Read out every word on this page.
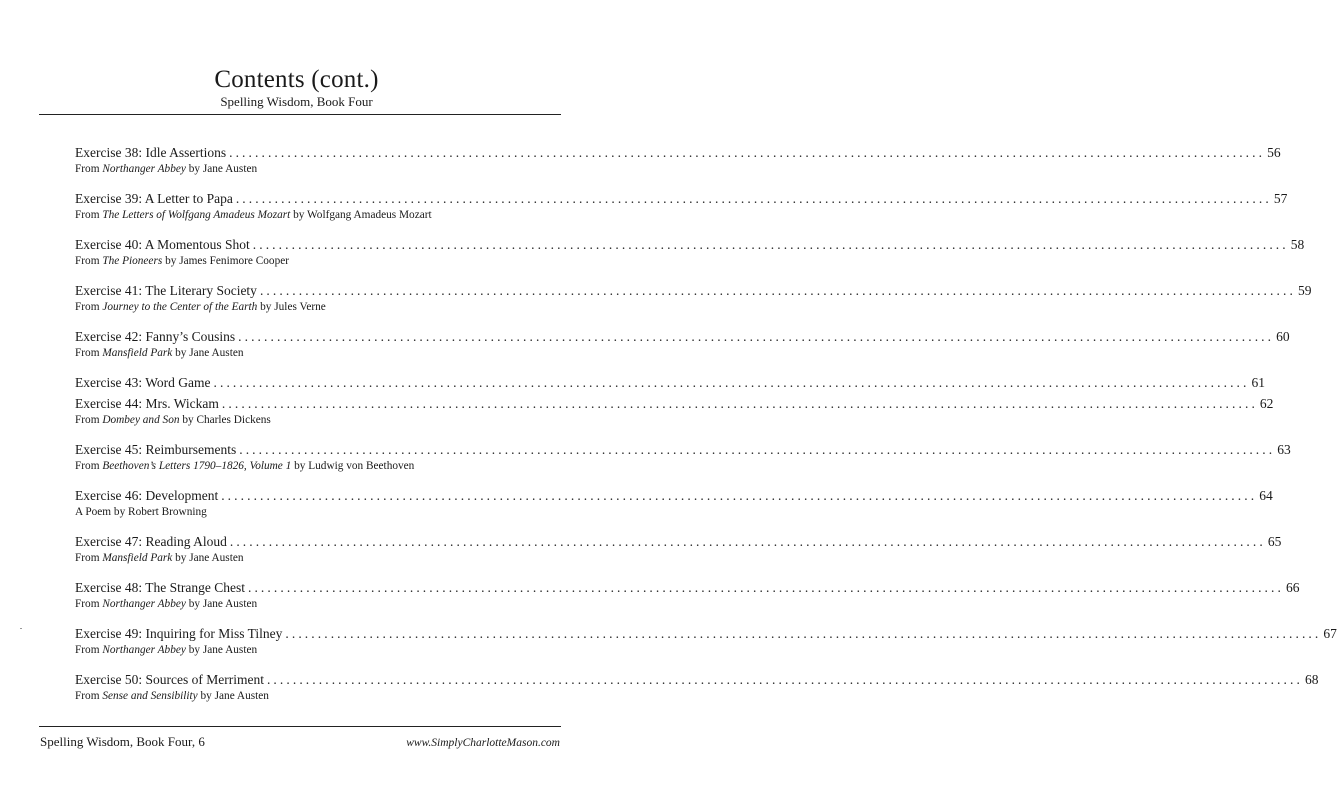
Contents (cont.)
Spelling Wisdom, Book Four
Exercise 38: Idle Assertions ................................................................................................................................................................ 56
From Northanger Abbey by Jane Austen
Exercise 39: A Letter to Papa ................................................................................................................................................................ 57
From The Letters of Wolfgang Amadeus Mozart by Wolfgang Amadeus Mozart
Exercise 40: A Momentous Shot ................................................................................................................................................................ 58
From The Pioneers by James Fenimore Cooper
Exercise 41: The Literary Society ................................................................................................................................................................ 59
From Journey to the Center of the Earth by Jules Verne
Exercise 42: Fanny’s Cousins ................................................................................................................................................................ 60
From Mansfield Park by Jane Austen
Exercise 43: Word Game ................................................................................................................................................................ 61
Exercise 44: Mrs. Wickam ................................................................................................................................................................ 62
From Dombey and Son by Charles Dickens
Exercise 45: Reimbursements ................................................................................................................................................................ 63
From Beethoven’s Letters 1790–1826, Volume 1 by Ludwig von Beethoven
Exercise 46: Development ................................................................................................................................................................ 64
A Poem by Robert Browning
Exercise 47: Reading Aloud ................................................................................................................................................................ 65
From Mansfield Park by Jane Austen
Exercise 48: The Strange Chest ................................................................................................................................................................ 66
From Northanger Abbey by Jane Austen
Exercise 49: Inquiring for Miss Tilney ................................................................................................................................................................ 67
From Northanger Abbey by Jane Austen
Exercise 50: Sources of Merriment ................................................................................................................................................................ 68
From Sense and Sensibility by Jane Austen
Spelling Wisdom, Book Four, 6	www.SimplyCharlotteMason.com
